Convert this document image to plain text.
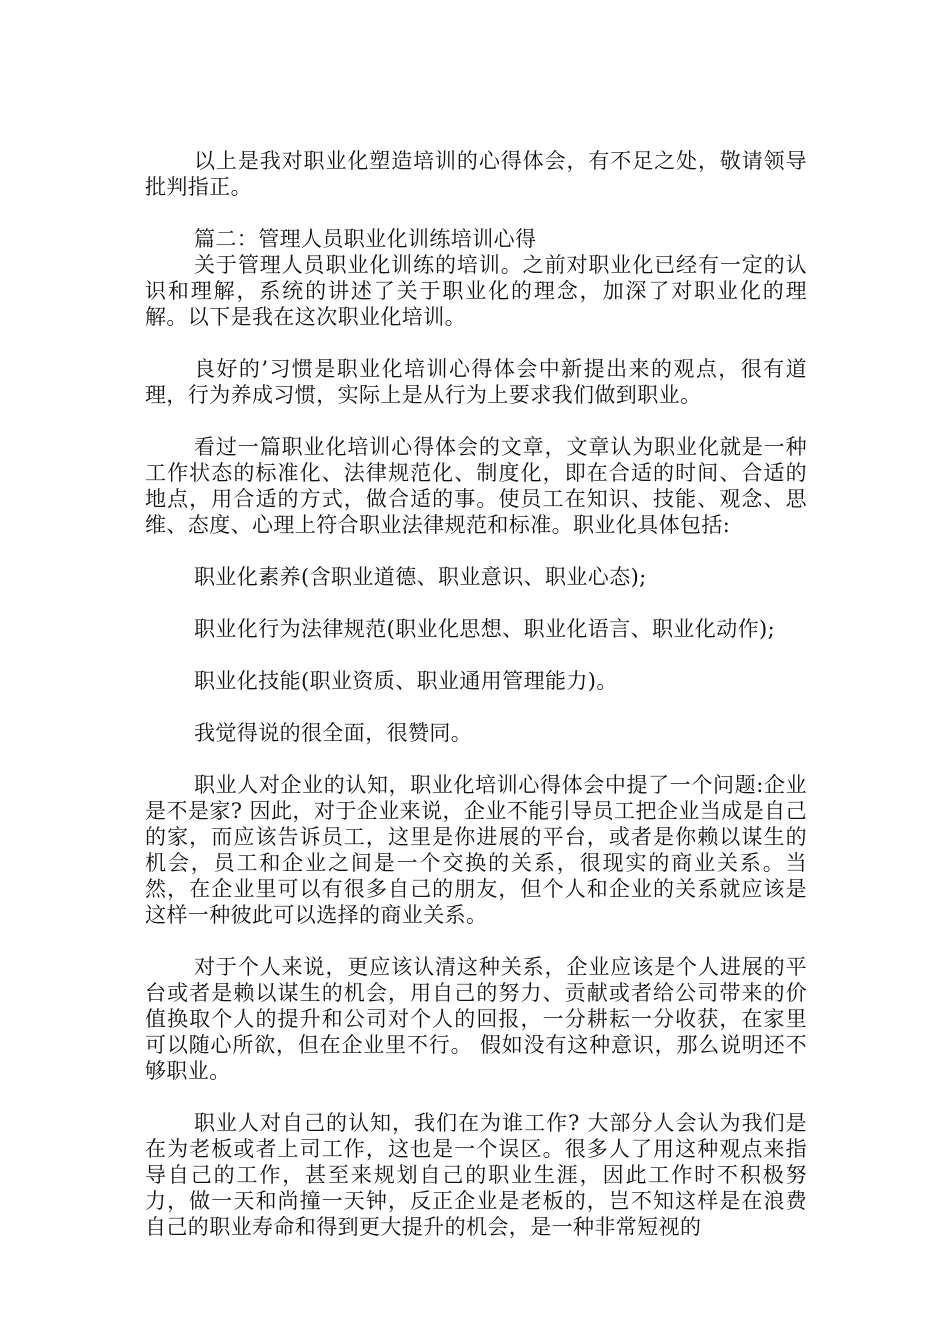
以上是我对职业化塑造培训的心得体会，有不足之处，敬请领导批判指正。

篇二：管理人员职业化训练培训心得

关于管理人员职业化训练的培训。之前对职业化已经有一定的认识和理解，系统的讲述了关于职业化的理念，加深了对职业化的理解。以下是我在这次职业化培训。

良好的’习惯是职业化培训心得体会中新提出来的观点，很有道理，行为养成习惯，实际上是从行为上要求我们做到职业。

看过一篇职业化培训心得体会的文章，文章认为职业化就是一种工作状态的标准化、法律规范化、制度化，即在合适的时间、合适的地点，用合适的方式，做合适的事。使员工在知识、技能、观念、思维、态度、心理上符合职业法律规范和标准。职业化具体包括:

职业化素养(含职业道德、职业意识、职业心态);

职业化行为法律规范(职业化思想、职业化语言、职业化动作);

职业化技能(职业资质、职业通用管理能力)。

我觉得说的很全面，很赞同。

职业人对企业的认知，职业化培训心得体会中提了一个问题:企业是不是家? 因此，对于企业来说，企业不能引导员工把企业当成是自己的家，而应该告诉员工，这里是你进展的平台，或者是你赖以谋生的机会，员工和企业之间是一个交换的关系，很现实的商业关系。当然，在企业里可以有很多自己的朋友，但个人和企业的关系就应该是这样一种彼此可以选择的商业关系。

对于个人来说，更应该认清这种关系，企业应该是个人进展的平台或者是赖以谋生的机会，用自己的努力、贡献或者给公司带来的价值换取个人的提升和公司对个人的回报，一分耕耘一分收获，在家里可以随心所欲，但在企业里不行。 假如没有这种意识，那么说明还不够职业。

职业人对自己的认知，我们在为谁工作? 大部分人会认为我们是在为老板或者上司工作，这也是一个误区。很多人了用这种观点来指导自己的工作，甚至来规划自己的职业生涯，因此工作时不积极努力，做一天和尚撞一天钟，反正企业是老板的，岂不知这样是在浪费自己的职业寿命和得到更大提升的机会，是一种非常短视的
